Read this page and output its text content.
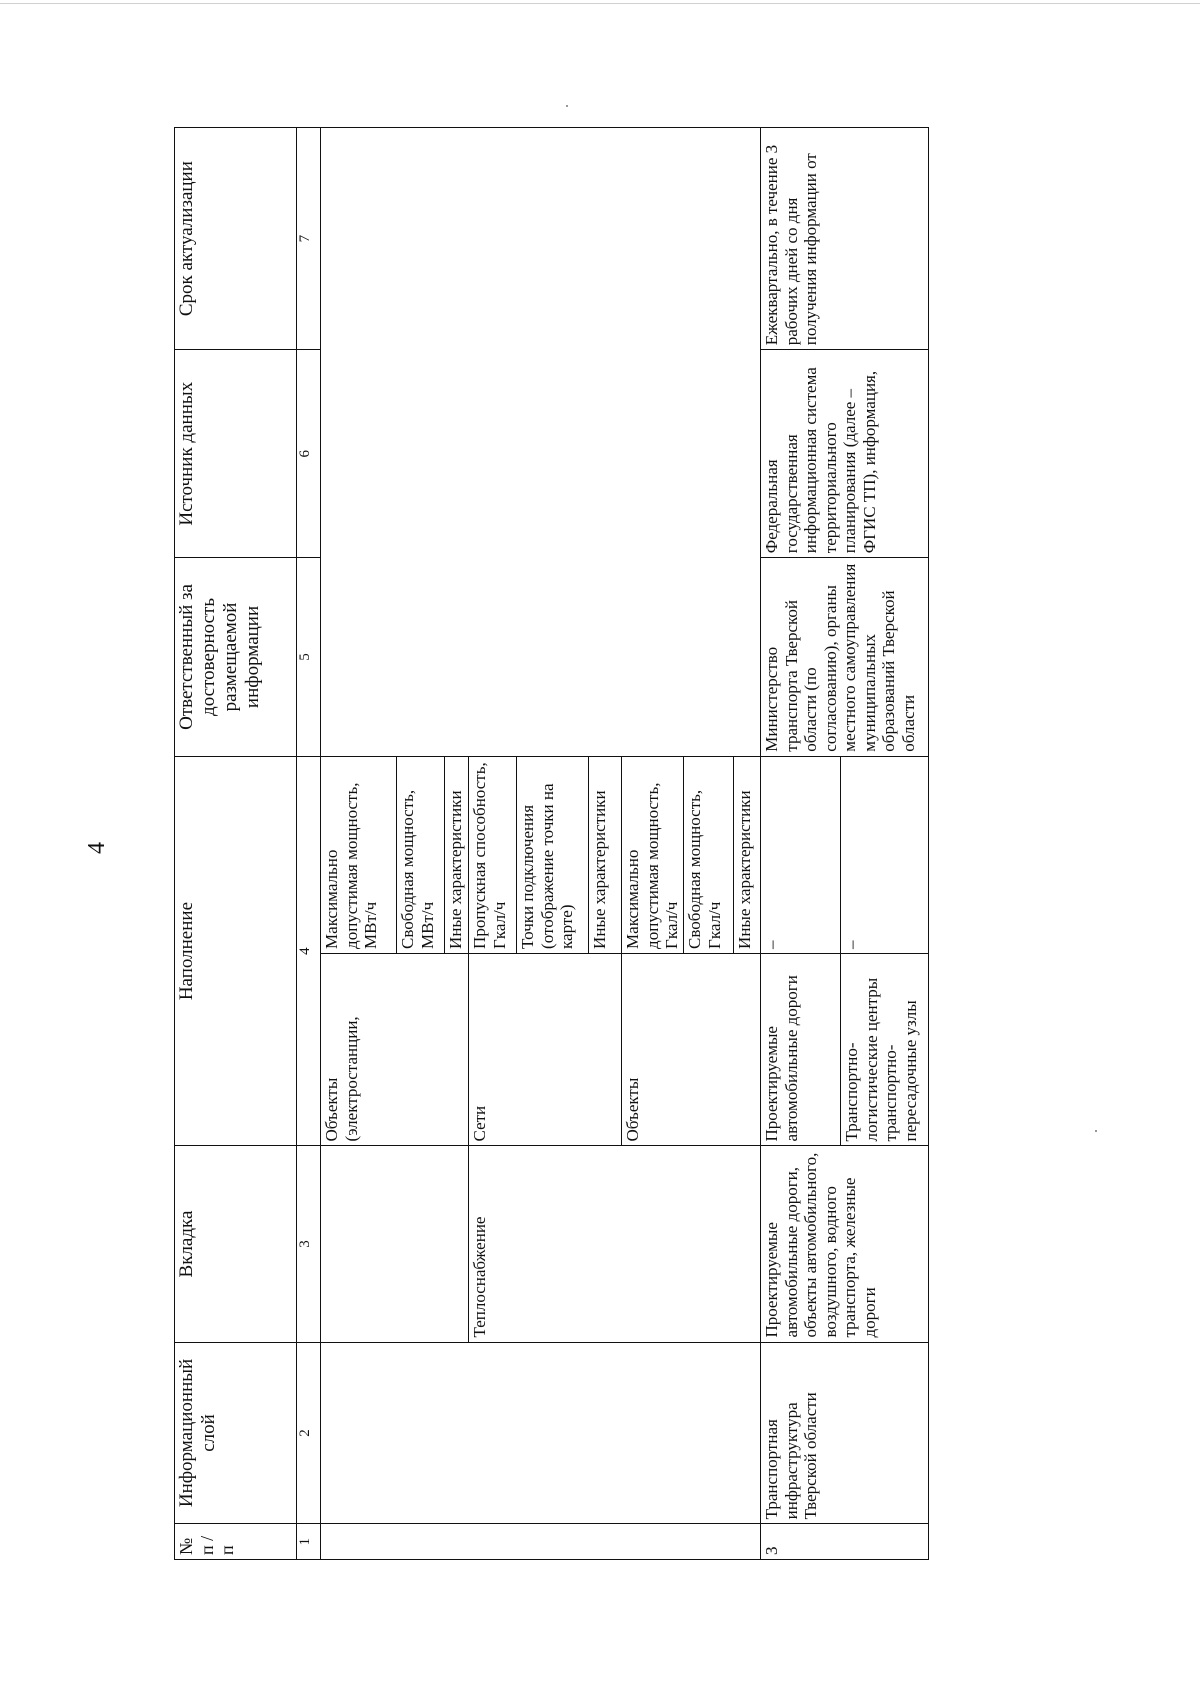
4
№ п / п	Информационный слой	Вкладка	Наполнение		Ответственный за достоверность размещаемой информации	Источник данных	Срок актуализации
1	2	3	4		5	6	7
			Объекты (электростанции,	Максимально допустимая мощность, МВт/ч			
				Свободная мощность, МВт/ч			
				Иные характеристики			
		Теплоснабжение	Сети	Пропускная способность, Гкал/ч			
				Точки подключения (отображение точки на карте)			
				Иные характеристики			
			Объекты	Максимально допустимая мощность, Гкал/ч			
				Свободная мощность, Гкал/ч			
				Иные характеристики			
3	Транспортная инфраструктура Тверской области	Проектируемые автомобильные дороги, объекты автомобильного, воздушного, водного транспорта, железные дороги	Проектируемые автомобильные дороги	–	Министерство транспорта Тверской области (по согласованию), органы местного самоуправления муниципальных образований Тверской области	Федеральная государственная информационная система территориального планирования (далее – ФГИС ТП), информация,	Ежеквартально, в течение 3 рабочих дней со дня получения информации от
			Транспортно-логистические центры транспортно-пересадочные узлы	–			
